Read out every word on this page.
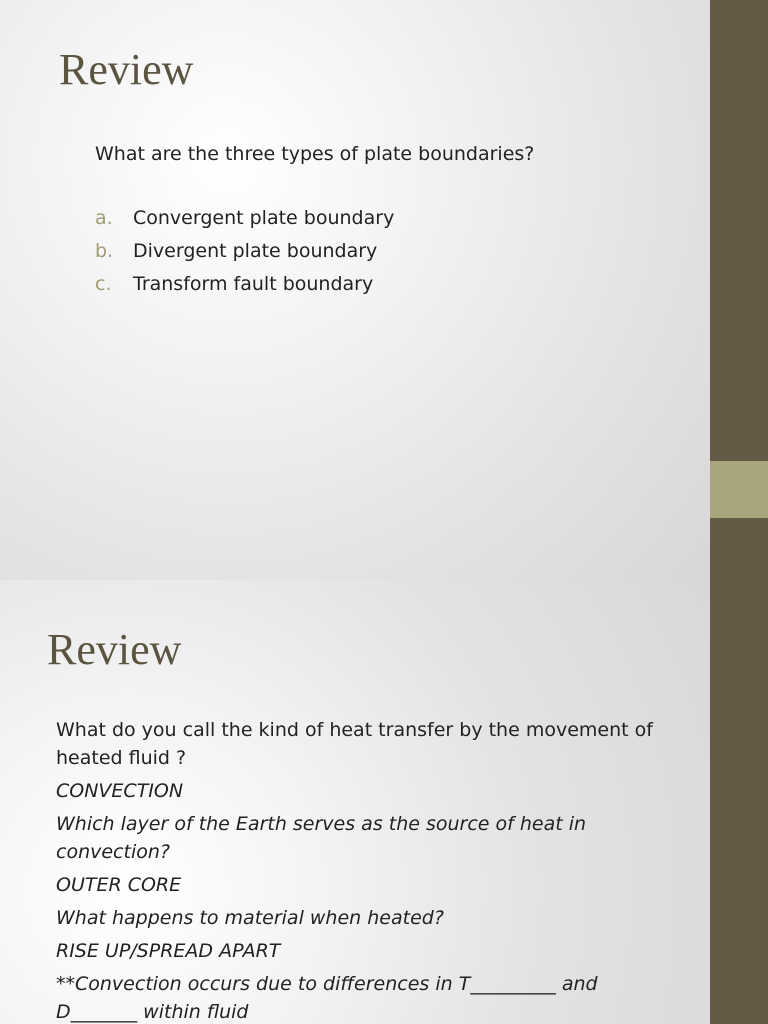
Review
What are the three types of plate boundaries?
a. Convergent plate boundary
b. Divergent plate boundary
c. Transform fault boundary
Review

What do you call the kind of heat transfer by the movement of heated fluid ?

CONVECTION

Which layer of the Earth serves as the source of heat in convection?

OUTER CORE

What happens to material when heated?

RISE UP/SPREAD APART

**Convection occurs due to differences in T_________ and D_______ within fluid
